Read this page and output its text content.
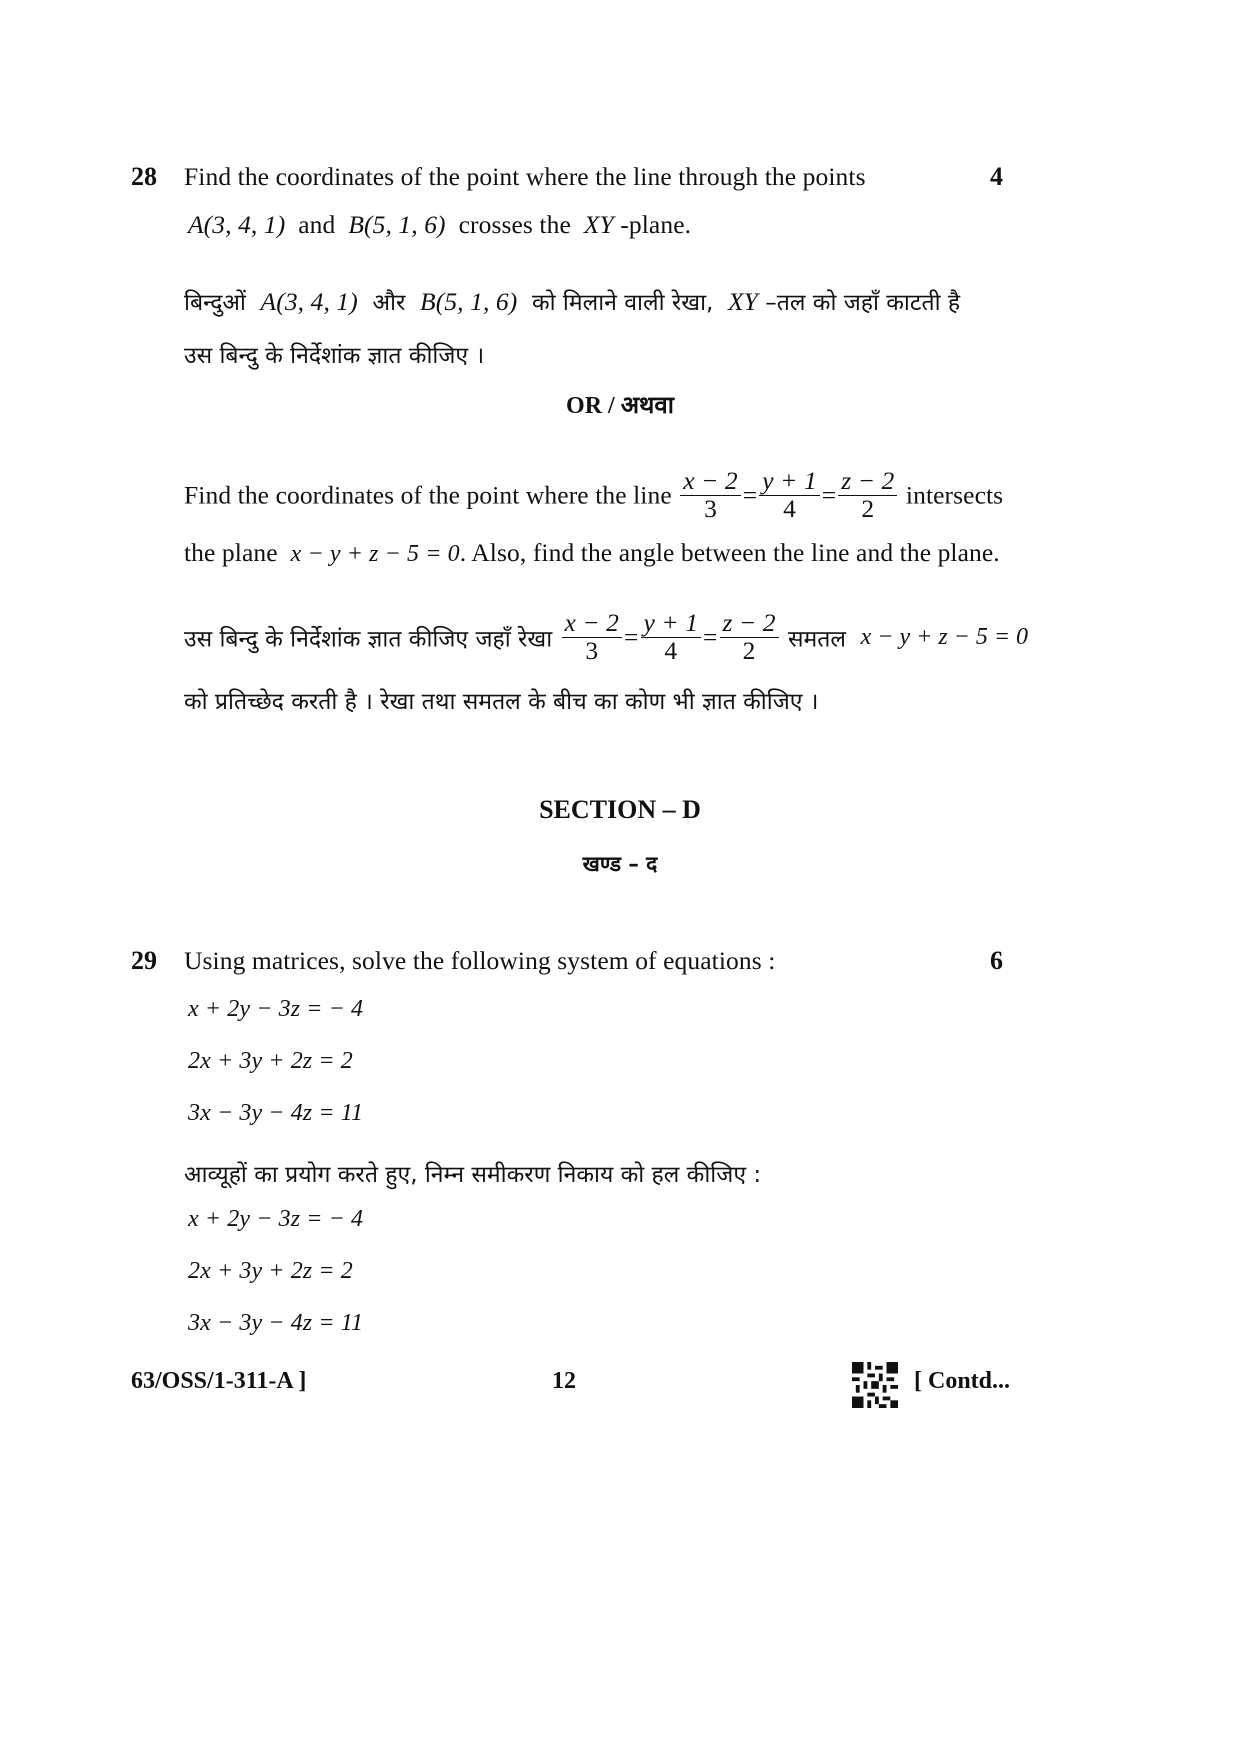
28	4
Find the coordinates of the point where the line through the points
A(3, 4, 1) and B(5, 1, 6) crosses the XY -plane.
बिन्दुओं A(3, 4, 1) और B(5, 1, 6) को मिलाने वाली रेखा, XY –तल को जहाँ काटती है
उस बिन्दु के निर्देशांक ज्ञात कीजिए ।
OR / अथवा
Find the coordinates of the point where the line $\frac{x - 2}{3} = \frac{y + 1}{4} = \frac{z - 2}{2}$ intersects
the plane x − y + z − 5 = 0. Also, find the angle between the line and the plane.
उस बिन्दु के निर्देशांक ज्ञात कीजिए जहाँ रेखा $\frac{x - 2}{3} = \frac{y + 1}{4} = \frac{z - 2}{2}$ समतल x − y + z − 5 = 0
को प्रतिच्छेद करती है । रेखा तथा समतल के बीच का कोण भी ज्ञात कीजिए ।
SECTION – D
खण्ड – द
29	6
Using matrices, solve the following system of equations :
x + 2y − 3z = − 4
2x + 3y + 2z = 2
3x − 3y − 4z = 11
आव्यूहों का प्रयोग करते हुए, निम्न समीकरण निकाय को हल कीजिए :
x + 2y − 3z = − 4
2x + 3y + 2z = 2
3x − 3y − 4z = 11
63/OSS/1-311-A ]	12	[ Contd...
